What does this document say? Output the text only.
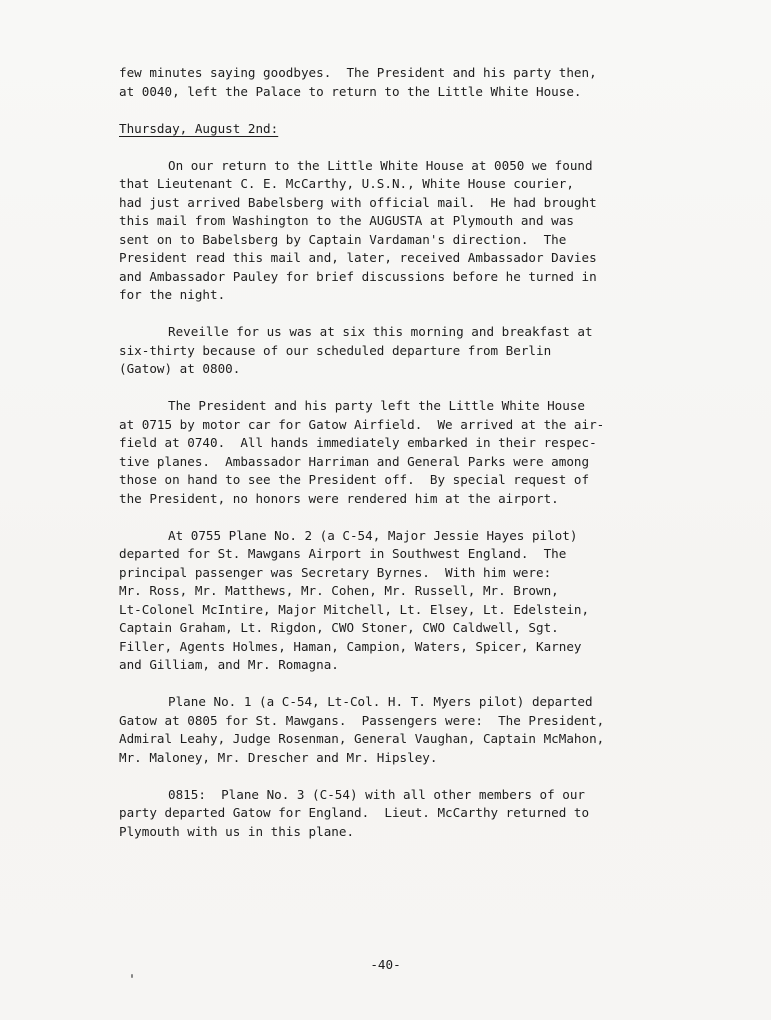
few minutes saying goodbyes.  The President and his party then,
at 0040, left the Palace to return to the Little White House.
Thursday, August 2nd:
On our return to the Little White House at 0050 we found
that Lieutenant C. E. McCarthy, U.S.N., White House courier,
had just arrived Babelsberg with official mail.  He had brought
this mail from Washington to the AUGUSTA at Plymouth and was
sent on to Babelsberg by Captain Vardaman's direction.  The
President read this mail and, later, received Ambassador Davies
and Ambassador Pauley for brief discussions before he turned in
for the night.
Reveille for us was at six this morning and breakfast at
six-thirty because of our scheduled departure from Berlin
(Gatow) at 0800.
The President and his party left the Little White House
at 0715 by motor car for Gatow Airfield.  We arrived at the air-
field at 0740.  All hands immediately embarked in their respec-
tive planes.  Ambassador Harriman and General Parks were among
those on hand to see the President off.  By special request of
the President, no honors were rendered him at the airport.
At 0755 Plane No. 2 (a C-54, Major Jessie Hayes pilot)
departed for St. Mawgans Airport in Southwest England.  The
principal passenger was Secretary Byrnes.  With him were:
Mr. Ross, Mr. Matthews, Mr. Cohen, Mr. Russell, Mr. Brown,
Lt-Colonel McIntire, Major Mitchell, Lt. Elsey, Lt. Edelstein,
Captain Graham, Lt. Rigdon, CWO Stoner, CWO Caldwell, Sgt.
Filler, Agents Holmes, Haman, Campion, Waters, Spicer, Karney
and Gilliam, and Mr. Romagna.
Plane No. 1 (a C-54, Lt-Col. H. T. Myers pilot) departed
Gatow at 0805 for St. Mawgans.  Passengers were:  The President,
Admiral Leahy, Judge Rosenman, General Vaughan, Captain McMahon,
Mr. Maloney, Mr. Drescher and Mr. Hipsley.
0815:  Plane No. 3 (C-54) with all other members of our
party departed Gatow for England.  Lieut. McCarthy returned to
Plymouth with us in this plane.
-40-
